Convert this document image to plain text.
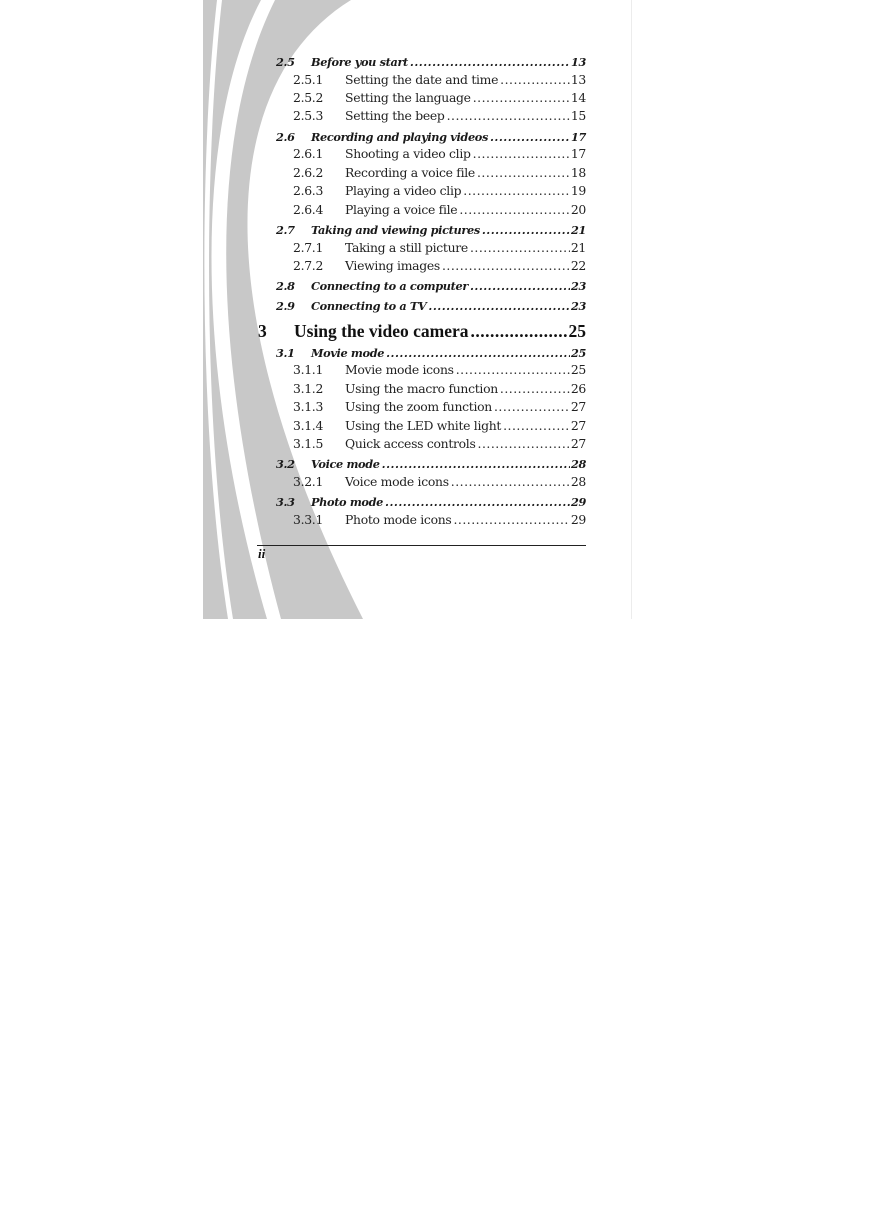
2.5	Before you start .....	13
2.5.1	Setting the date and time .....	13
2.5.2	Setting the language .....	14
2.5.3	Setting the beep .....	15
2.6	Recording and playing videos .....	17
2.6.1	Shooting a video clip .....	17
2.6.2	Recording a voice file .....	18
2.6.3	Playing a video clip .....	19
2.6.4	Playing a voice file .....	20
2.7	Taking and viewing pictures .....	21
2.7.1	Taking a still picture .....	21
2.7.2	Viewing images .....	22
2.8	Connecting to a computer .....	23
2.9	Connecting to a TV .....	23
3	Using the video camera .....	25
3.1	Movie mode .....	25
3.1.1	Movie mode icons .....	25
3.1.2	Using the macro function .....	26
3.1.3	Using the zoom function .....	27
3.1.4	Using the LED white light .....	27
3.1.5	Quick access controls .....	27
3.2	Voice mode .....	28
3.2.1	Voice mode icons .....	28
3.3	Photo mode .....	29
3.3.1	Photo mode icons .....	29
ii
